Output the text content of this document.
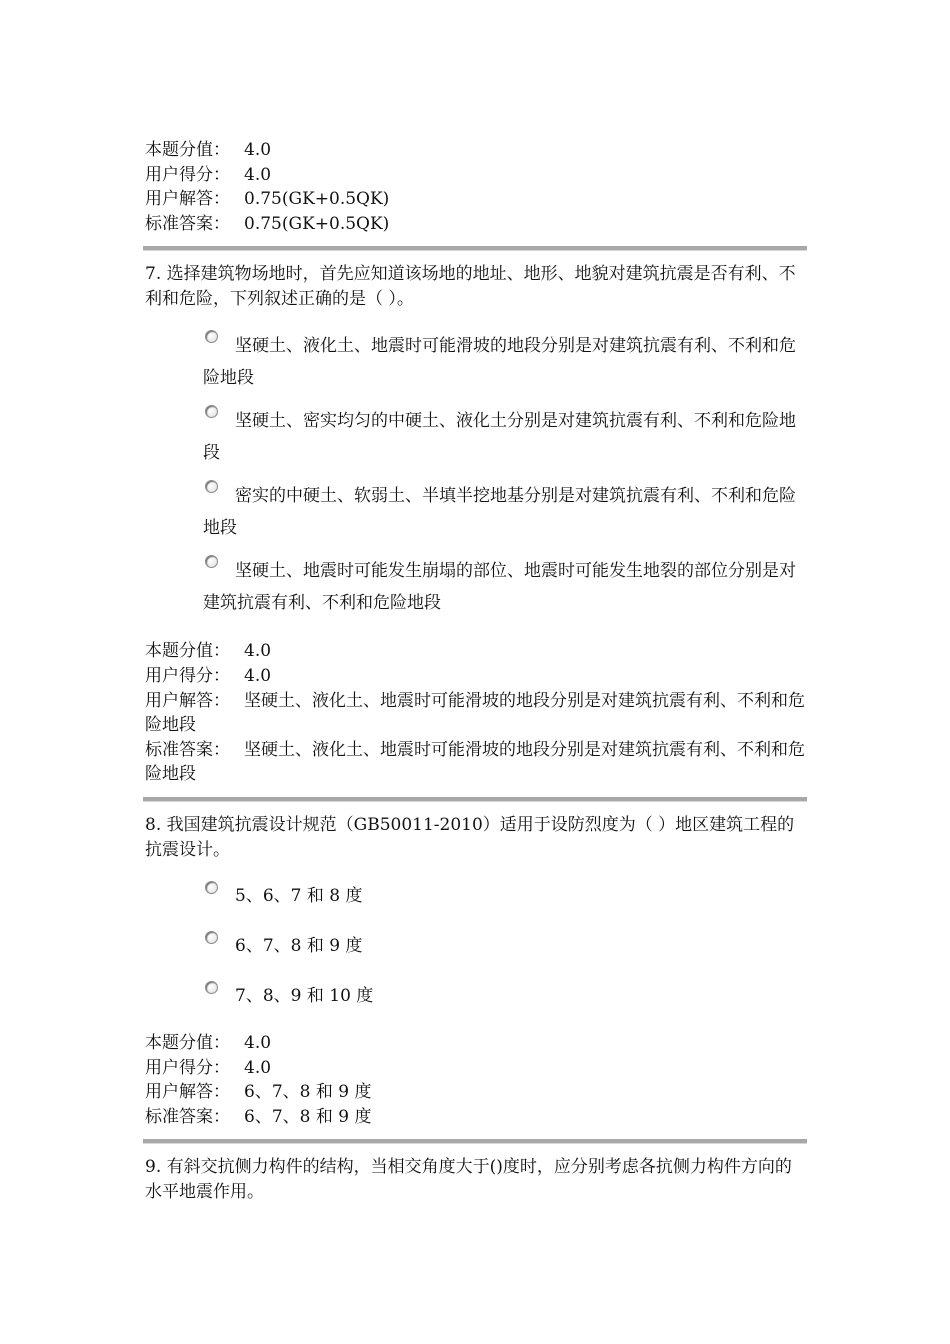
本题分值： 4.0
用户得分： 4.0
用户解答： 0.75(GK+0.5QK)
标准答案： 0.75(GK+0.5QK)
7. 选择建筑物场地时，首先应知道该场地的地址、地形、地貌对建筑抗震是否有利、不利和危险，下列叙述正确的是（ ）。
坚硬土、液化土、地震时可能滑坡的地段分别是对建筑抗震有利、不利和危险地段
坚硬土、密实均匀的中硬土、液化土分别是对建筑抗震有利、不利和危险地段
密实的中硬土、软弱土、半填半挖地基分别是对建筑抗震有利、不利和危险地段
坚硬土、地震时可能发生崩塌的部位、地震时可能发生地裂的部位分别是对建筑抗震有利、不利和危险地段
本题分值： 4.0
用户得分： 4.0
用户解答： 坚硬土、液化土、地震时可能滑坡的地段分别是对建筑抗震有利、不利和危险地段
标准答案： 坚硬土、液化土、地震时可能滑坡的地段分别是对建筑抗震有利、不利和危险地段
8. 我国建筑抗震设计规范（GB50011-2010）适用于设防烈度为（ ）地区建筑工程的抗震设计。
5、6、7 和 8 度
6、7、8 和 9 度
7、8、9 和 10 度
本题分值： 4.0
用户得分： 4.0
用户解答： 6、7、8 和 9 度
标准答案： 6、7、8 和 9 度
9. 有斜交抗侧力构件的结构，当相交角度大于()度时，应分别考虑各抗侧力构件方向的水平地震作用。
